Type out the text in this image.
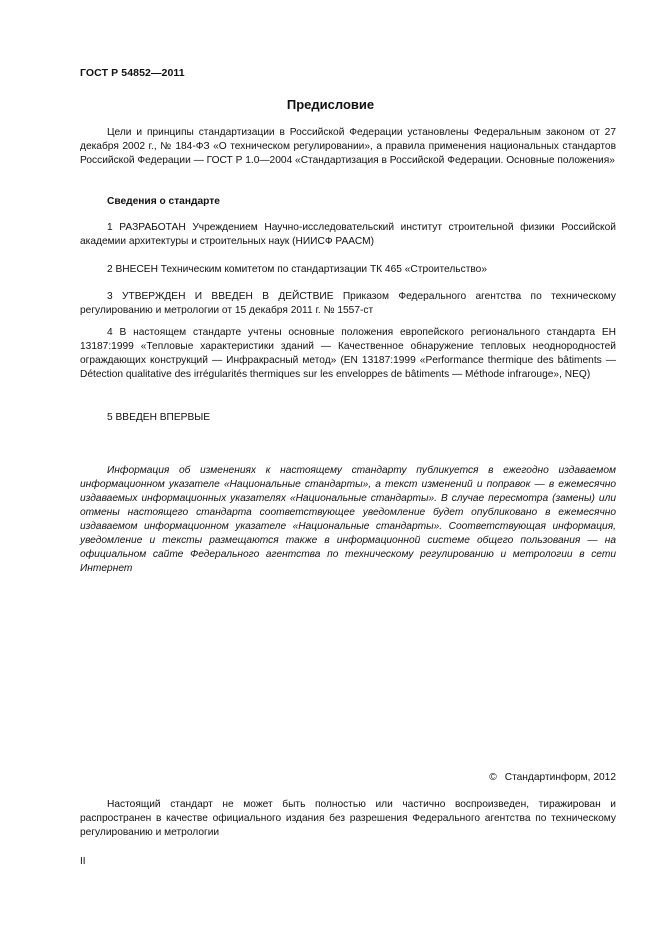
ГОСТ Р 54852—2011
Предисловие

Цели и принципы стандартизации в Российской Федерации установлены Федеральным законом от 27 декабря 2002 г., № 184-ФЗ «О техническом регулировании», а правила применения национальных стандартов Российской Федерации — ГОСТ Р 1.0—2004 «Стандартизация в Российской Федерации. Основные положения»

Сведения о стандарте

1 РАЗРАБОТАН Учреждением Научно-исследовательский институт строительной физики Российской академии архитектуры и строительных наук (НИИСФ РААСМ)

2 ВНЕСЕН Техническим комитетом по стандартизации ТК 465 «Строительство»

3 УТВЕРЖДЕН И ВВЕДЕН В ДЕЙСТВИЕ Приказом Федерального агентства по техническому регулированию и метрологии от 15 декабря 2011 г. № 1557-ст

4 В настоящем стандарте учтены основные положения европейского регионального стандарта ЕН 13187:1999 «Тепловые характеристики зданий — Качественное обнаружение тепловых неоднородностей ограждающих конструкций — Инфракрасный метод» (EN 13187:1999 «Performance thermique des bâtiments — Détection qualitative des irrégularités thermiques sur les enveloppes de bâtiments — Méthode infrarouge», NEQ)

5 ВВЕДЕН ВПЕРВЫЕ

Информация об изменениях к настоящему стандарту публикуется в ежегодно издаваемом информационном указателе «Национальные стандарты», а текст изменений и поправок — в ежемесячно издаваемых информационных указателях «Национальные стандарты». В случае пересмотра (замены) или отмены настоящего стандарта соответствующее уведомление будет опубликовано в ежемесячно издаваемом информационном указателе «Национальные стандарты». Соответствующая информация, уведомление и тексты размещаются также в информационной системе общего пользования — на официальном сайте Федерального агентства по техническому регулированию и метрологии в сети Интернет

© Стандартинформ, 2012

Настоящий стандарт не может быть полностью или частично воспроизведен, тиражирован и распространен в качестве официального издания без разрешения Федерального агентства по техническому регулированию и метрологии

II
